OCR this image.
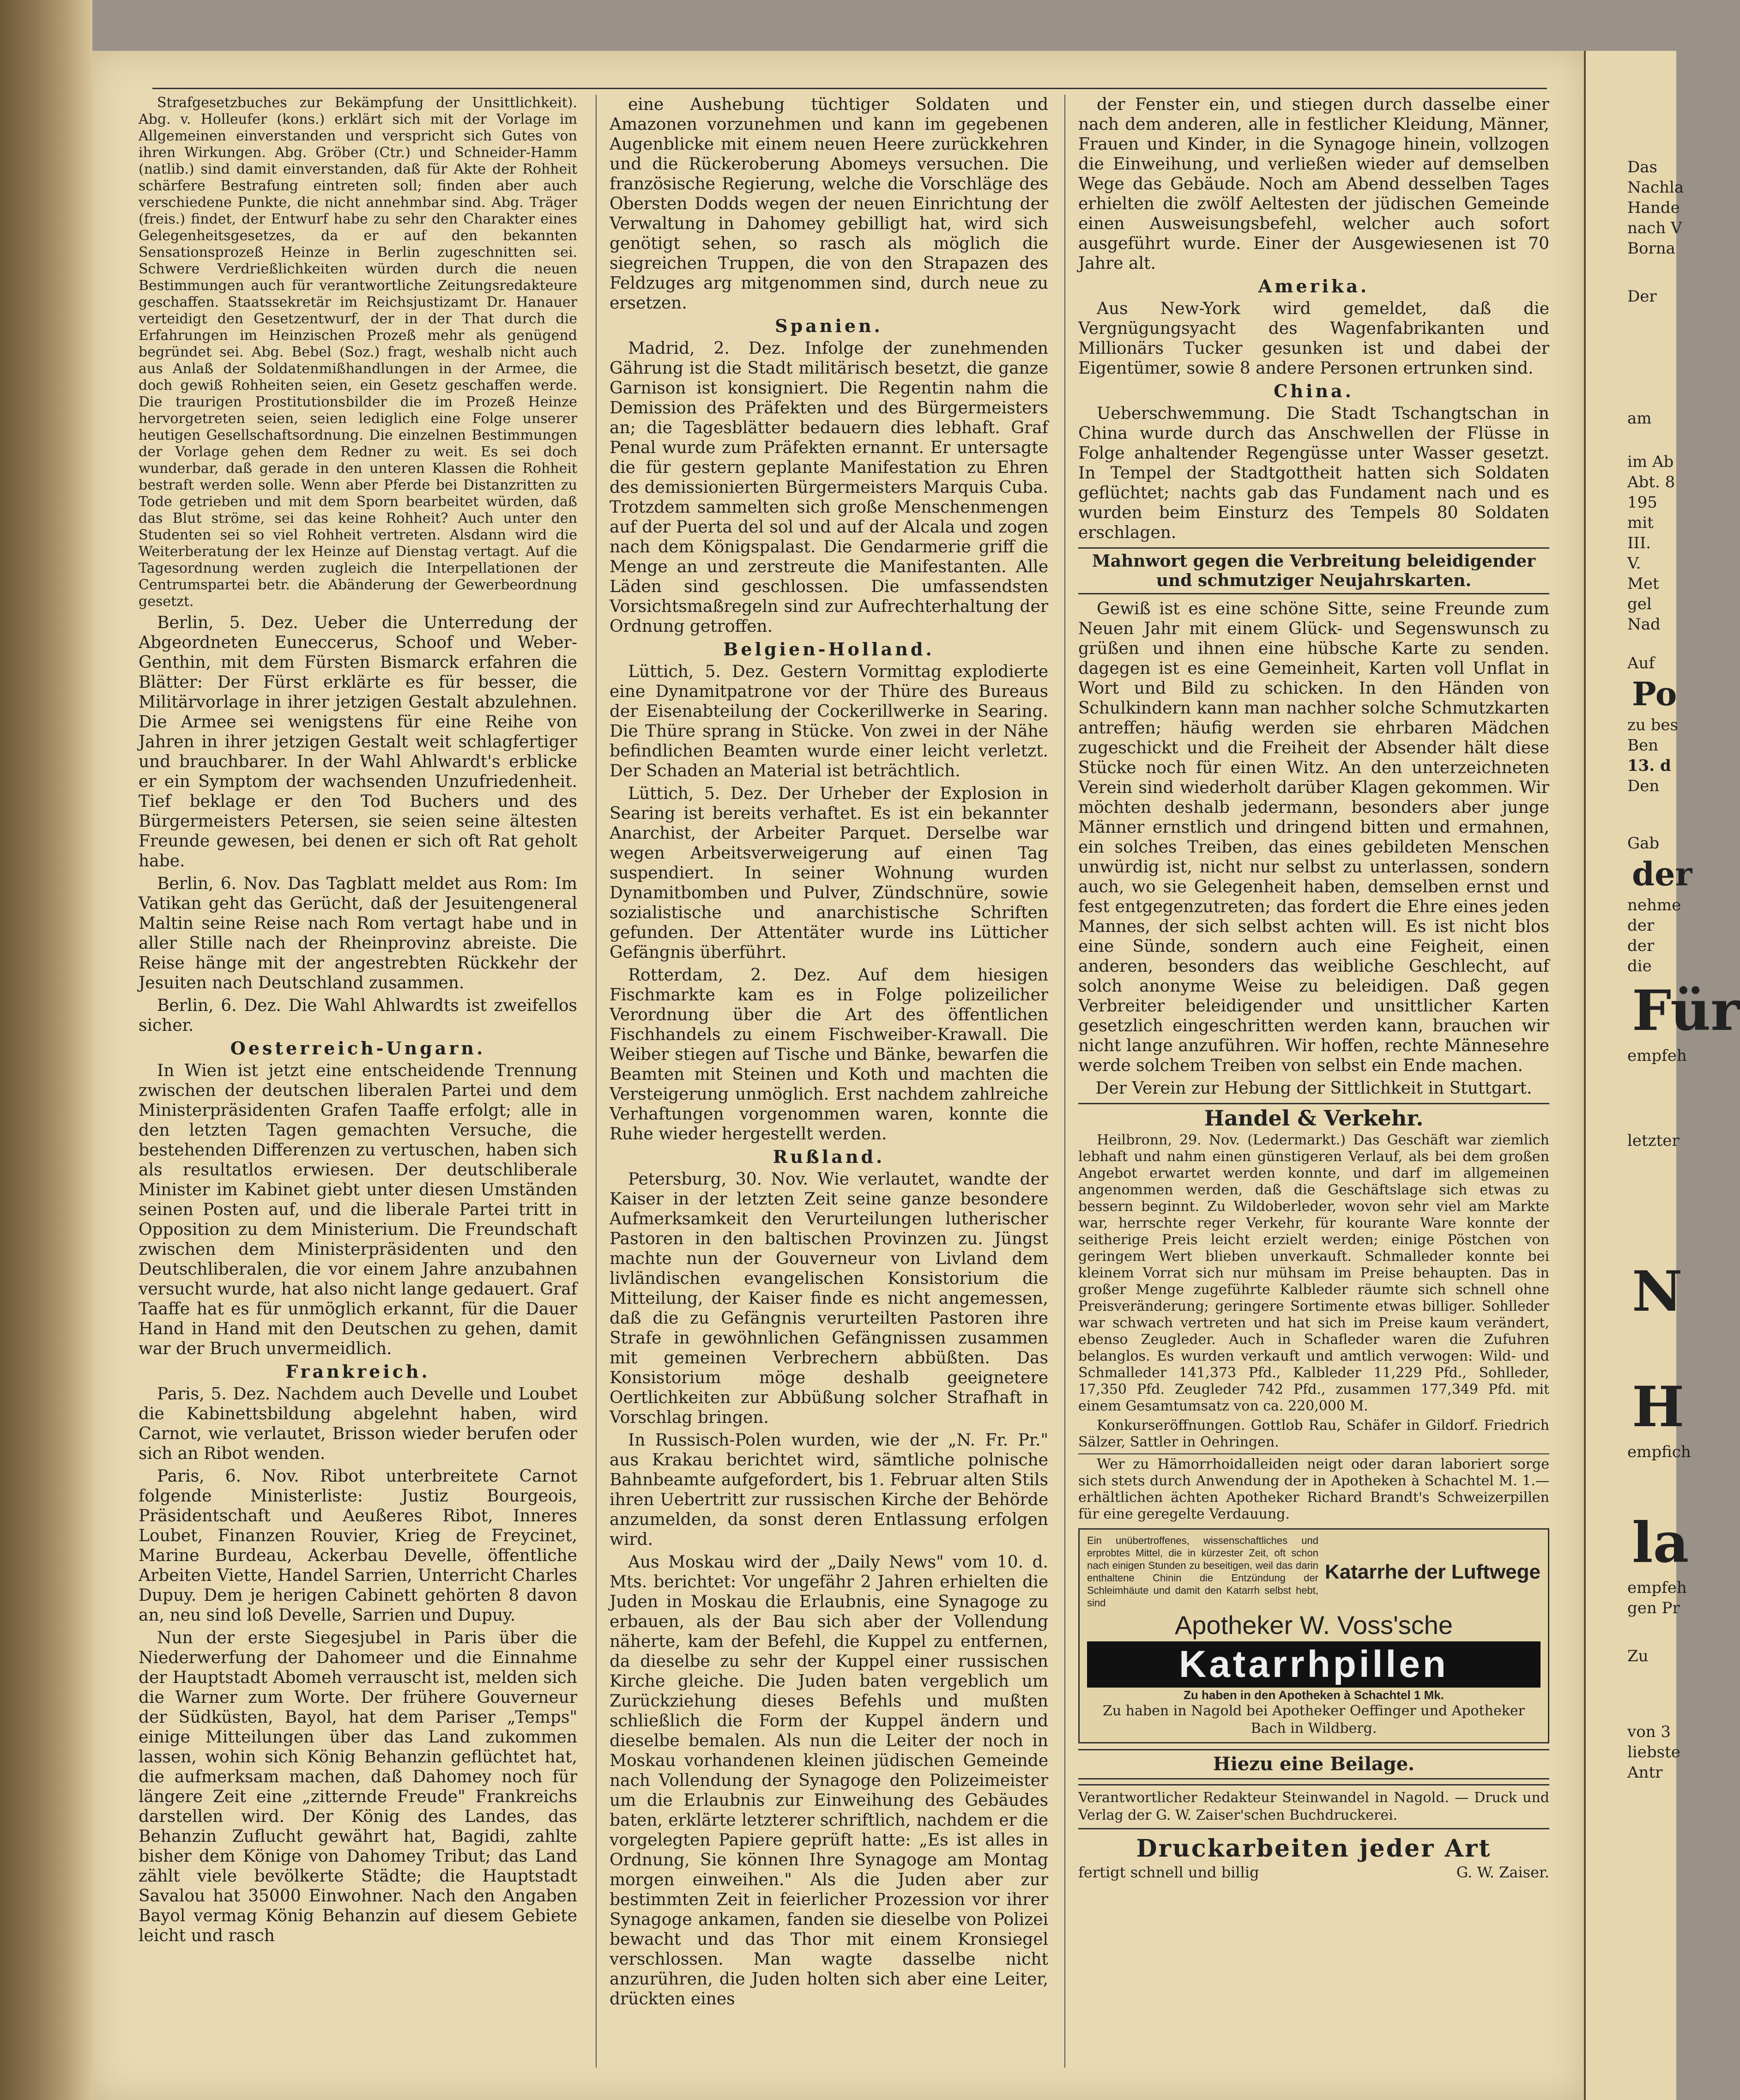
Strafgesetzbuches zur Bekämpfung der Unsittlichkeit). Abg. v. Holleufer (kons.) erklärt sich mit der Vorlage im Allgemeinen einverstanden und verspricht sich Gutes von ihren Wirkungen. Abg. Gröber (Ctr.) und Schneider-Hamm (natlib.) sind damit einverstanden, daß für Akte der Rohheit schärfere Bestrafung eintreten soll; finden aber auch verschiedene Punkte, die nicht annehmbar sind. Abg. Träger (freis.) findet, der Entwurf habe zu sehr den Charakter eines Gelegenheitsgesetzes, da er auf den bekannten Sensationsprozeß Heinze in Berlin zugeschnitten sei. Schwere Verdrießlichkeiten würden durch die neuen Bestimmungen auch für verantwortliche Zeitungsredakteure geschaffen. Staatssekretär im Reichsjustizamt Dr. Hanauer verteidigt den Gesetzentwurf, der in der That durch die Erfahrungen im Heinzischen Prozeß mehr als genügend begründet sei. Abg. Bebel (Soz.) fragt, weshalb nicht auch aus Anlaß der Soldatenmißhandlungen in der Armee, die doch gewiß Rohheiten seien, ein Gesetz geschaffen werde. Die traurigen Prostitutionsbilder die im Prozeß Heinze hervorgetreten seien, seien lediglich eine Folge unserer heutigen Gesellschaftsordnung. Die einzelnen Bestimmungen der Vorlage gehen dem Redner zu weit. Es sei doch wunderbar, daß gerade in den unteren Klassen die Rohheit bestraft werden solle. Wenn aber Pferde bei Distanzritten zu Tode getrieben und mit dem Sporn bearbeitet würden, daß das Blut ströme, sei das keine Rohheit? Auch unter den Studenten sei so viel Rohheit vertreten. Alsdann wird die Weiterberatung der lex Heinze auf Dienstag vertagt. Auf die Tagesordnung werden zugleich die Interpellationen der Centrumspartei betr. die Abänderung der Gewerbeordnung gesetzt.

Berlin, 5. Dez. Ueber die Unterredung der Abgeordneten Euneccerus, Schoof und Weber-Genthin, mit dem Fürsten Bismarck erfahren die Blätter: Der Fürst erklärte es für besser, die Militärvorlage in ihrer jetzigen Gestalt abzulehnen. Die Armee sei wenigstens für eine Reihe von Jahren in ihrer jetzigen Gestalt weit schlagfertiger und brauchbarer. In der Wahl Ahlwardt's erblicke er ein Symptom der wachsenden Unzufriedenheit. Tief beklage er den Tod Buchers und des Bürgermeisters Petersen, sie seien seine ältesten Freunde gewesen, bei denen er sich oft Rat geholt habe.

Berlin, 6. Nov. Das Tagblatt meldet aus Rom: Im Vatikan geht das Gerücht, daß der Jesuitengeneral Maltin seine Reise nach Rom vertagt habe und in aller Stille nach der Rheinprovinz abreiste. Die Reise hänge mit der angestrebten Rückkehr der Jesuiten nach Deutschland zusammen.

Berlin, 6. Dez. Die Wahl Ahlwardts ist zweifellos sicher.

Oesterreich-Ungarn.

In Wien ist jetzt eine entscheidende Trennung zwischen der deutschen liberalen Partei und dem Ministerpräsidenten Grafen Taaffe erfolgt; alle in den letzten Tagen gemachten Versuche, die bestehenden Differenzen zu vertuschen, haben sich als resultatlos erwiesen. Der deutschliberale Minister im Kabinet giebt unter diesen Umständen seinen Posten auf, und die liberale Partei tritt in Opposition zu dem Ministerium. Die Freundschaft zwischen dem Ministerpräsidenten und den Deutschliberalen, die vor einem Jahre anzubahnen versucht wurde, hat also nicht lange gedauert. Graf Taaffe hat es für unmöglich erkannt, für die Dauer Hand in Hand mit den Deutschen zu gehen, damit war der Bruch unvermeidlich.

Frankreich.

Paris, 5. Dez. Nachdem auch Develle und Loubet die Kabinettsbildung abgelehnt haben, wird Carnot, wie verlautet, Brisson wieder berufen oder sich an Ribot wenden.

Paris, 6. Nov. Ribot unterbreitete Carnot folgende Ministerliste: Justiz Bourgeois, Präsidentschaft und Aeußeres Ribot, Inneres Loubet, Finanzen Rouvier, Krieg de Freycinet, Marine Burdeau, Ackerbau Develle, öffentliche Arbeiten Viette, Handel Sarrien, Unterricht Charles Dupuy. Dem je herigen Cabinett gehörten 8 davon an, neu sind loß Develle, Sarrien und Dupuy.

Nun der erste Siegesjubel in Paris über die Niederwerfung der Dahomeer und die Einnahme der Hauptstadt Abomeh verrauscht ist, melden sich die Warner zum Worte. Der frühere Gouverneur der Südküsten, Bayol, hat dem Pariser „Temps" einige Mitteilungen über das Land zukommen lassen, wohin sich König Behanzin geflüchtet hat, die aufmerksam machen, daß Dahomey noch für längere Zeit eine „zitternde Freude" Frankreichs darstellen wird. Der König des Landes, das Behanzin Zuflucht gewährt hat, Bagidi, zahlte bisher dem Könige von Dahomey Tribut; das Land zählt viele bevölkerte Städte; die Hauptstadt Savalou hat 35000 Einwohner. Nach den Angaben Bayol vermag König Behanzin auf diesem Gebiete leicht und rasch

eine Aushebung tüchtiger Soldaten und Amazonen vorzunehmen und kann im gegebenen Augenblicke mit einem neuen Heere zurückkehren und die Rückeroberung Abomeys versuchen. Die französische Regierung, welche die Vorschläge des Obersten Dodds wegen der neuen Einrichtung der Verwaltung in Dahomey gebilligt hat, wird sich genötigt sehen, so rasch als möglich die siegreichen Truppen, die von den Strapazen des Feldzuges arg mitgenommen sind, durch neue zu ersetzen.

Spanien.

Madrid, 2. Dez. Infolge der zunehmenden Gährung ist die Stadt militärisch besetzt, die ganze Garnison ist konsigniert. Die Regentin nahm die Demission des Präfekten und des Bürgermeisters an; die Tagesblätter bedauern dies lebhaft. Graf Penal wurde zum Präfekten ernannt. Er untersagte die für gestern geplante Manifestation zu Ehren des demissionierten Bürgermeisters Marquis Cuba. Trotzdem sammelten sich große Menschenmengen auf der Puerta del sol und auf der Alcala und zogen nach dem Königspalast. Die Gendarmerie griff die Menge an und zerstreute die Manifestanten. Alle Läden sind geschlossen. Die umfassendsten Vorsichtsmaßregeln sind zur Aufrechterhaltung der Ordnung getroffen.

Belgien-Holland.

Lüttich, 5. Dez. Gestern Vormittag explodierte eine Dynamitpatrone vor der Thüre des Bureaus der Eisenabteilung der Cockerillwerke in Searing. Die Thüre sprang in Stücke. Von zwei in der Nähe befindlichen Beamten wurde einer leicht verletzt. Der Schaden an Material ist beträchtlich.

Lüttich, 5. Dez. Der Urheber der Explosion in Searing ist bereits verhaftet. Es ist ein bekannter Anarchist, der Arbeiter Parquet. Derselbe war wegen Arbeitsverweigerung auf einen Tag suspendiert. In seiner Wohnung wurden Dynamitbomben und Pulver, Zündschnüre, sowie sozialistische und anarchistische Schriften gefunden. Der Attentäter wurde ins Lütticher Gefängnis überführt.

Rotterdam, 2. Dez. Auf dem hiesigen Fischmarkte kam es in Folge polizeilicher Verordnung über die Art des öffentlichen Fischhandels zu einem Fischweiber-Krawall. Die Weiber stiegen auf Tische und Bänke, bewarfen die Beamten mit Steinen und Koth und machten die Versteigerung unmöglich. Erst nachdem zahlreiche Verhaftungen vorgenommen waren, konnte die Ruhe wieder hergestellt werden.

Rußland.

Petersburg, 30. Nov. Wie verlautet, wandte der Kaiser in der letzten Zeit seine ganze besondere Aufmerksamkeit den Verurteilungen lutherischer Pastoren in den baltischen Provinzen zu. Jüngst machte nun der Gouverneur von Livland dem livländischen evangelischen Konsistorium die Mitteilung, der Kaiser finde es nicht angemessen, daß die zu Gefängnis verurteilten Pastoren ihre Strafe in gewöhnlichen Gefängnissen zusammen mit gemeinen Verbrechern abbüßten. Das Konsistorium möge deshalb geeignetere Oertlichkeiten zur Abbüßung solcher Strafhaft in Vorschlag bringen.

In Russisch-Polen wurden, wie der „N. Fr. Pr." aus Krakau berichtet wird, sämtliche polnische Bahnbeamte aufgefordert, bis 1. Februar alten Stils ihren Uebertritt zur russischen Kirche der Behörde anzumelden, da sonst deren Entlassung erfolgen wird.

Aus Moskau wird der „Daily News" vom 10. d. Mts. berichtet: Vor ungefähr 2 Jahren erhielten die Juden in Moskau die Erlaubnis, eine Synagoge zu erbauen, als der Bau sich aber der Vollendung näherte, kam der Befehl, die Kuppel zu entfernen, da dieselbe zu sehr der Kuppel einer russischen Kirche gleiche. Die Juden baten vergeblich um Zurückziehung dieses Befehls und mußten schließlich die Form der Kuppel ändern und dieselbe bemalen. Als nun die Leiter der noch in Moskau vorhandenen kleinen jüdischen Gemeinde nach Vollendung der Synagoge den Polizeimeister um die Erlaubnis zur Einweihung des Gebäudes baten, erklärte letzterer schriftlich, nachdem er die vorgelegten Papiere geprüft hatte: „Es ist alles in Ordnung, Sie können Ihre Synagoge am Montag morgen einweihen." Als die Juden aber zur bestimmten Zeit in feierlicher Prozession vor ihrer Synagoge ankamen, fanden sie dieselbe von Polizei bewacht und das Thor mit einem Kronsiegel verschlossen. Man wagte dasselbe nicht anzurühren, die Juden holten sich aber eine Leiter, drückten eines

der Fenster ein, und stiegen durch dasselbe einer nach dem anderen, alle in festlicher Kleidung, Männer, Frauen und Kinder, in die Synagoge hinein, vollzogen die Einweihung, und verließen wieder auf demselben Wege das Gebäude. Noch am Abend desselben Tages erhielten die zwölf Aeltesten der jüdischen Gemeinde einen Ausweisungsbefehl, welcher auch sofort ausgeführt wurde. Einer der Ausgewiesenen ist 70 Jahre alt.

Amerika.

Aus New-York wird gemeldet, daß die Vergnügungsyacht des Wagenfabrikanten und Millionärs Tucker gesunken ist und dabei der Eigentümer, sowie 8 andere Personen ertrunken sind.

China.

Ueberschwemmung. Die Stadt Tschangtschan in China wurde durch das Anschwellen der Flüsse in Folge anhaltender Regengüsse unter Wasser gesetzt. In Tempel der Stadtgottheit hatten sich Soldaten geflüchtet; nachts gab das Fundament nach und es wurden beim Einsturz des Tempels 80 Soldaten erschlagen.

Mahnwort gegen die Verbreitung beleidigender und schmutziger Neujahrskarten.

Gewiß ist es eine schöne Sitte, seine Freunde zum Neuen Jahr mit einem Glück- und Segenswunsch zu grüßen und ihnen eine hübsche Karte zu senden. dagegen ist es eine Gemeinheit, Karten voll Unflat in Wort und Bild zu schicken. In den Händen von Schulkindern kann man nachher solche Schmutzkarten antreffen; häufig werden sie ehrbaren Mädchen zugeschickt und die Freiheit der Absender hält diese Stücke noch für einen Witz. An den unterzeichneten Verein sind wiederholt darüber Klagen gekommen. Wir möchten deshalb jedermann, besonders aber junge Männer ernstlich und dringend bitten und ermahnen, ein solches Treiben, das eines gebildeten Menschen unwürdig ist, nicht nur selbst zu unterlassen, sondern auch, wo sie Gelegenheit haben, demselben ernst und fest entgegenzutreten; das fordert die Ehre eines jeden Mannes, der sich selbst achten will. Es ist nicht blos eine Sünde, sondern auch eine Feigheit, einen anderen, besonders das weibliche Geschlecht, auf solch anonyme Weise zu beleidigen. Daß gegen Verbreiter beleidigender und unsittlicher Karten gesetzlich eingeschritten werden kann, brauchen wir nicht lange anzuführen. Wir hoffen, rechte Männesehre werde solchem Treiben von selbst ein Ende machen.

Der Verein zur Hebung der Sittlichkeit in Stuttgart.

Handel & Verkehr.

Heilbronn, 29. Nov. (Ledermarkt.) Das Geschäft war ziemlich lebhaft und nahm einen günstigeren Verlauf, als bei dem großen Angebot erwartet werden konnte, und darf im allgemeinen angenommen werden, daß die Geschäftslage sich etwas zu bessern beginnt. Zu Wildoberleder, wovon sehr viel am Markte war, herrschte reger Verkehr, für kourante Ware konnte der seitherige Preis leicht erzielt werden; einige Pöstchen von geringem Wert blieben unverkauft. Schmalleder konnte bei kleinem Vorrat sich nur mühsam im Preise behaupten. Das in großer Menge zugeführte Kalbleder räumte sich schnell ohne Preisveränderung; geringere Sortimente etwas billiger. Sohlleder war schwach vertreten und hat sich im Preise kaum verändert, ebenso Zeugleder. Auch in Schafleder waren die Zufuhren belanglos. Es wurden verkauft und amtlich verwogen: Wild- und Schmalleder 141,373 Pfd., Kalbleder 11,229 Pfd., Sohlleder, 17,350 Pfd. Zeugleder 742 Pfd., zusammen 177,349 Pfd. mit einem Gesamtumsatz von ca. 220,000 M.

Konkurseröffnungen. Gottlob Rau, Schäfer in Gildorf. Friedrich Sälzer, Sattler in Oehringen.

Wer zu Hämorrhoidalleiden neigt oder daran laboriert sorge sich stets durch Anwendung der in Apotheken à Schachtel M. 1.— erhältlichen ächten Apotheker Richard Brandt's Schweizerpillen für eine geregelte Verdauung.

Ein unübertroffenes, wissenschaftliches und erprobtes Mittel, die in kürzester Zeit, oft schon nach einigen Stunden zu beseitigen, weil das darin enthaltene Chinin die Entzündung der Schleimhäute und damit den Katarrh selbst hebt, sind
Katarrhe der Luftwege
Apotheker W. Voss'sche
Katarrhpillen
Zu haben in den Apotheken à Schachtel 1 Mk.
Zu haben in Nagold bei Apotheker Oeffinger und Apotheker Bach in Wildberg.
Hiezu eine Beilage.
Verantwortlicher Redakteur Steinwandel in Nagold. — Druck und Verlag der G. W. Zaiser'schen Buchdruckerei.
Druckarbeiten jeder Art
fertigt schnell und billig	G. W. Zaiser.
Das
Nachla
Hande
nach V
Borna
Der
am
im Ab
Abt. 8
195
mit
III.
V.
Met
gel
Nad
Auf
Po
zu bes
Ben
13. d
Den
Gab
der
nehme
der
der
die
Für
empfeh
letzter
N
H
empfich
la
empfeh
gen Pr
Zu
von 3
liebste
Antr
